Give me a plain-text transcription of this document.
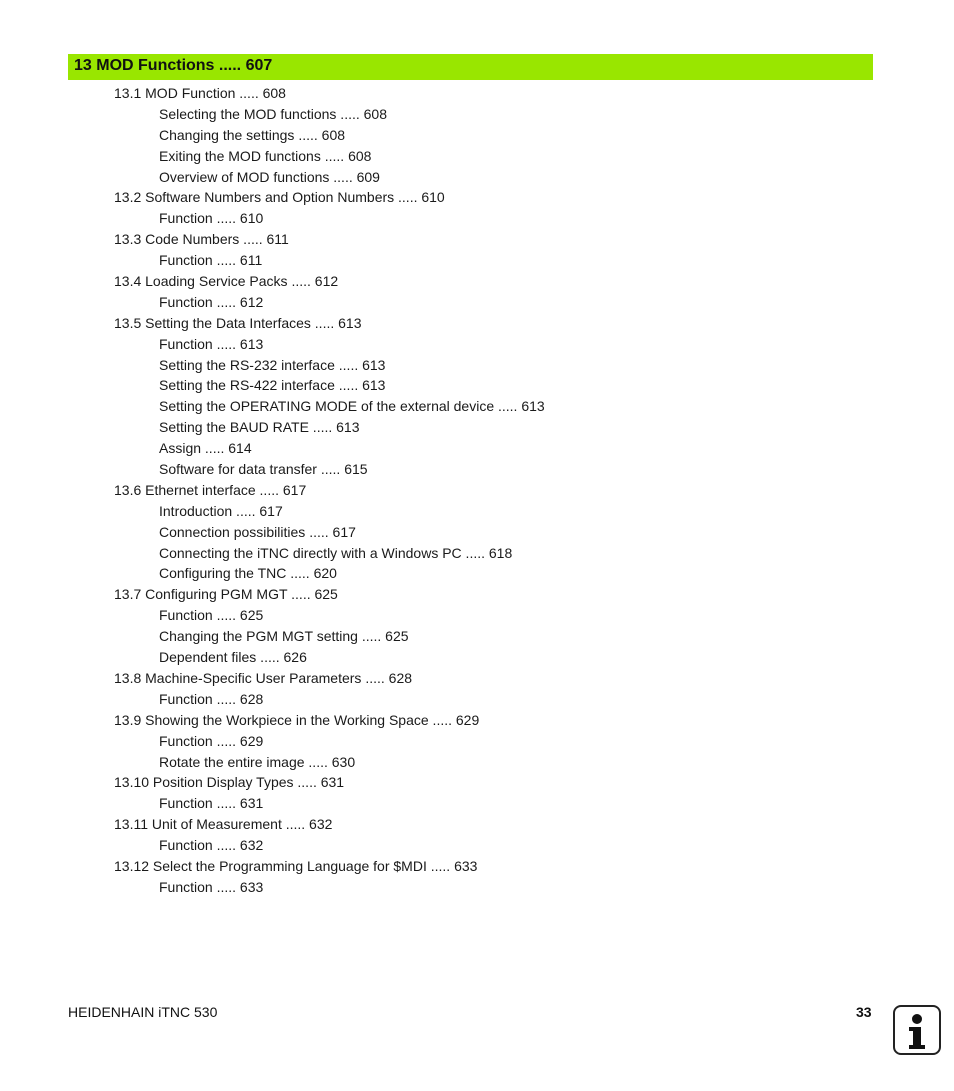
13 MOD Functions ..... 607
13.1 MOD Function ..... 608
Selecting the MOD functions ..... 608
Changing the settings ..... 608
Exiting the MOD functions ..... 608
Overview of MOD functions ..... 609
13.2 Software Numbers and Option Numbers ..... 610
Function ..... 610
13.3 Code Numbers ..... 611
Function ..... 611
13.4 Loading Service Packs ..... 612
Function ..... 612
13.5 Setting the Data Interfaces ..... 613
Function ..... 613
Setting the RS-232 interface ..... 613
Setting the RS-422 interface ..... 613
Setting the OPERATING MODE of the external device ..... 613
Setting the BAUD RATE ..... 613
Assign ..... 614
Software for data transfer ..... 615
13.6 Ethernet interface ..... 617
Introduction ..... 617
Connection possibilities ..... 617
Connecting the iTNC directly with a Windows PC ..... 618
Configuring the TNC ..... 620
13.7 Configuring PGM MGT ..... 625
Function ..... 625
Changing the PGM MGT setting ..... 625
Dependent files ..... 626
13.8 Machine-Specific User Parameters ..... 628
Function ..... 628
13.9 Showing the Workpiece in the Working Space ..... 629
Function ..... 629
Rotate the entire image ..... 630
13.10 Position Display Types ..... 631
Function ..... 631
13.11 Unit of Measurement ..... 632
Function ..... 632
13.12 Select the Programming Language for $MDI ..... 633
Function ..... 633
HEIDENHAIN iTNC 530	33
